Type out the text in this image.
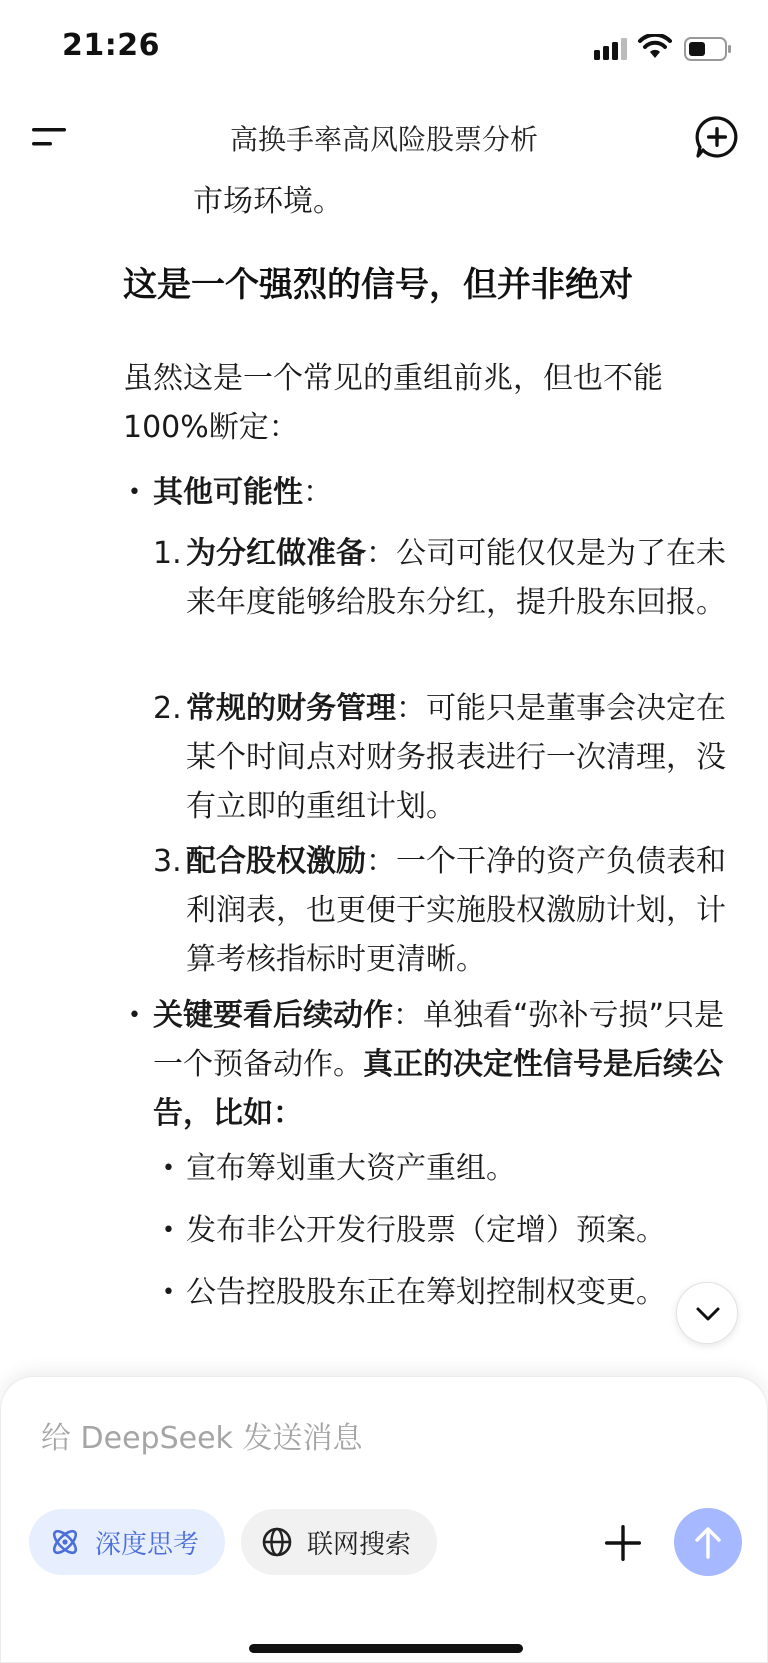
21:26
高换手率高风险股票分析
市场环境。
这是一个强烈的信号，但并非绝对
虽然这是一个常见的重组前兆，但也不能
100%断定：
• 其他可能性：
1. 为分红做准备：公司可能仅仅是为了在未来年度能够给股东分红，提升股东回报。
2. 常规的财务管理：可能只是董事会决定在某个时间点对财务报表进行一次清理，没有立即的重组计划。
3. 配合股权激励：一个干净的资产负债表和利润表，也更便于实施股权激励计划，计算考核指标时更清晰。
• 关键要看后续动作：单独看“弥补亏损”只是一个预备动作。真正的决定性信号是后续公告，比如：
• 宣布筹划重大资产重组。
• 发布非公开发行股票（定增）预案。
• 公告控股股东正在筹划控制权变更。
给 DeepSeek 发送消息
深度思考	联网搜索
